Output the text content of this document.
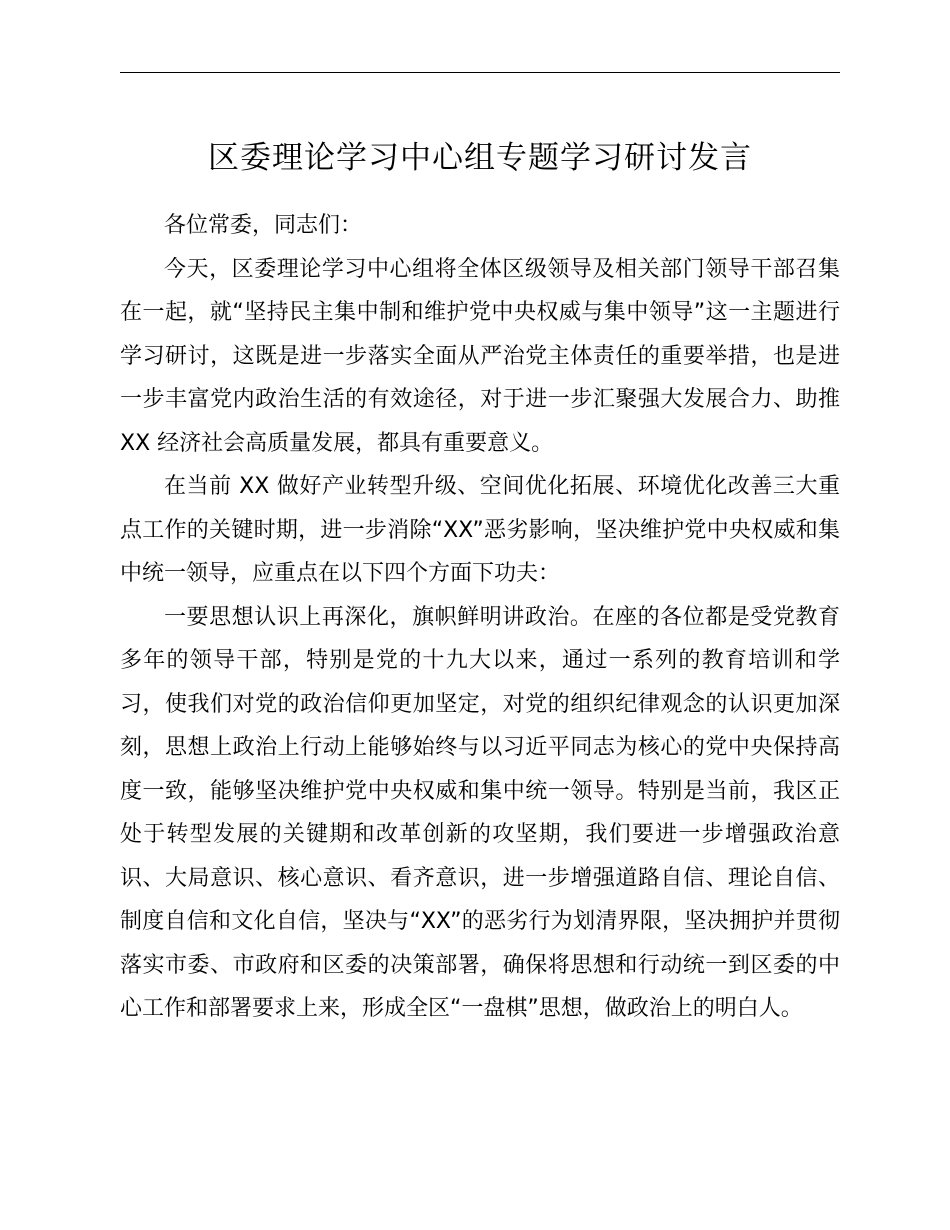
区委理论学习中心组专题学习研讨发言

各位常委，同志们：

今天，区委理论学习中心组将全体区级领导及相关部门领导干部召集在一起，就“坚持民主集中制和维护党中央权威与集中领导”这一主题进行学习研讨，这既是进一步落实全面从严治党主体责任的重要举措，也是进一步丰富党内政治生活的有效途径，对于进一步汇聚强大发展合力、助推 XX 经济社会高质量发展，都具有重要意义。

在当前 XX 做好产业转型升级、空间优化拓展、环境优化改善三大重点工作的关键时期，进一步消除“XX”恶劣影响，坚决维护党中央权威和集中统一领导，应重点在以下四个方面下功夫：

一要思想认识上再深化，旗帜鲜明讲政治。在座的各位都是受党教育多年的领导干部，特别是党的十九大以来，通过一系列的教育培训和学习，使我们对党的政治信仰更加坚定，对党的组织纪律观念的认识更加深刻，思想上政治上行动上能够始终与以习近平同志为核心的党中央保持高度一致，能够坚决维护党中央权威和集中统一领导。特别是当前，我区正处于转型发展的关键期和改革创新的攻坚期，我们要进一步增强政治意识、大局意识、核心意识、看齐意识，进一步增强道路自信、理论自信、制度自信和文化自信，坚决与“XX”的恶劣行为划清界限，坚决拥护并贯彻落实市委、市政府和区委的决策部署，确保将思想和行动统一到区委的中心工作和部署要求上来，形成全区“一盘棋”思想，做政治上的明白人。
